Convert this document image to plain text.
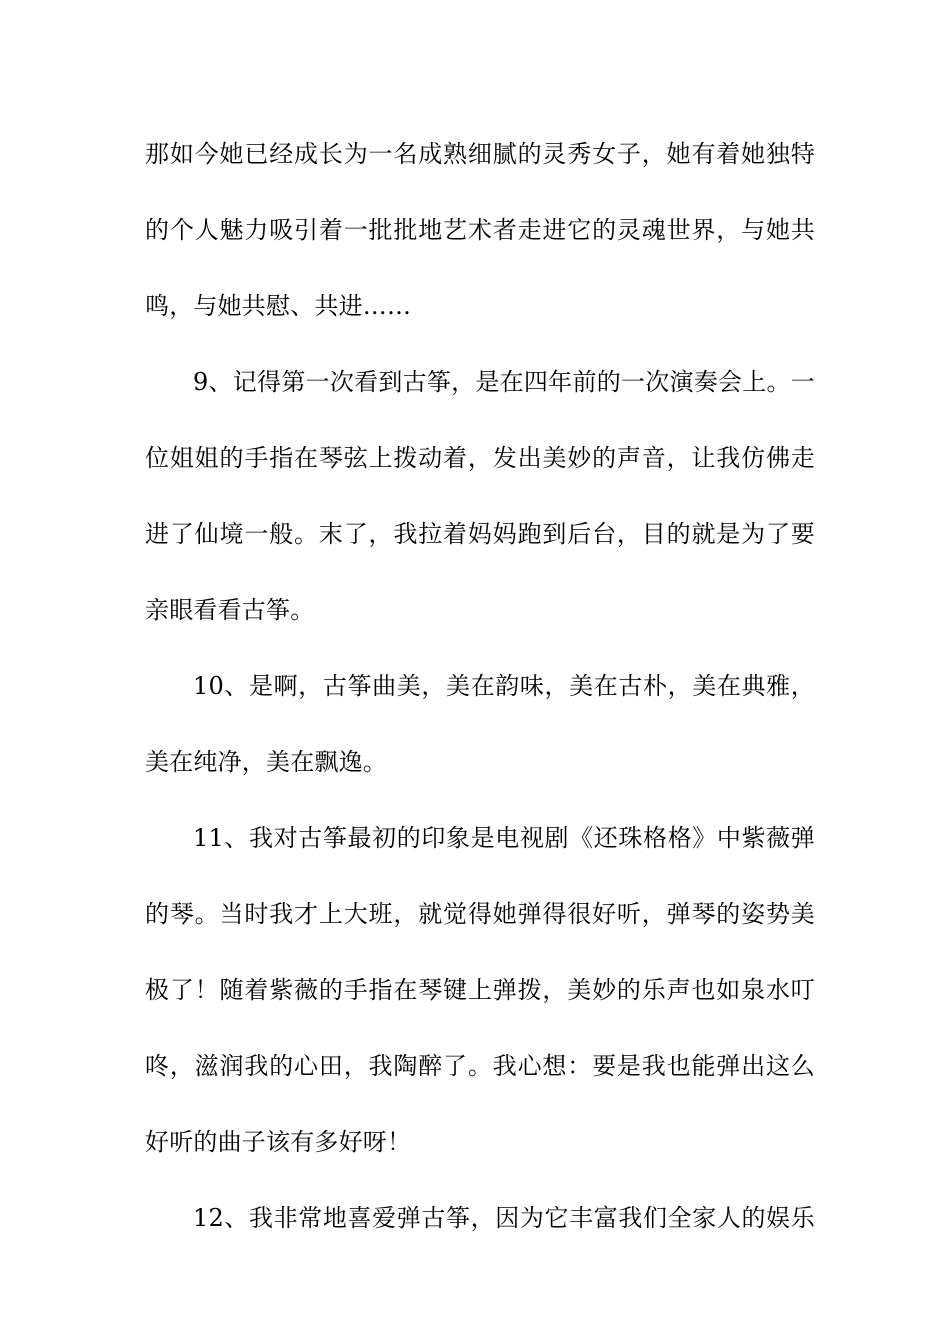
那如今她已经成长为一名成熟细腻的灵秀女子，她有着她独特
的个人魅力吸引着一批批地艺术者走进它的灵魂世界，与她共
鸣，与她共慰、共进……
9、记得第一次看到古筝，是在四年前的一次演奏会上。一
位姐姐的手指在琴弦上拨动着，发出美妙的声音，让我仿佛走
进了仙境一般。末了，我拉着妈妈跑到后台，目的就是为了要
亲眼看看古筝。
10、是啊，古筝曲美，美在韵味，美在古朴，美在典雅，
美在纯净，美在飘逸。
11、我对古筝最初的印象是电视剧《还珠格格》中紫薇弹
的琴。当时我才上大班，就觉得她弹得很好听，弹琴的姿势美
极了！随着紫薇的手指在琴键上弹拨，美妙的乐声也如泉水叮
咚，滋润我的心田，我陶醉了。我心想：要是我也能弹出这么
好听的曲子该有多好呀！
12、我非常地喜爱弹古筝，因为它丰富我们全家人的娱乐
